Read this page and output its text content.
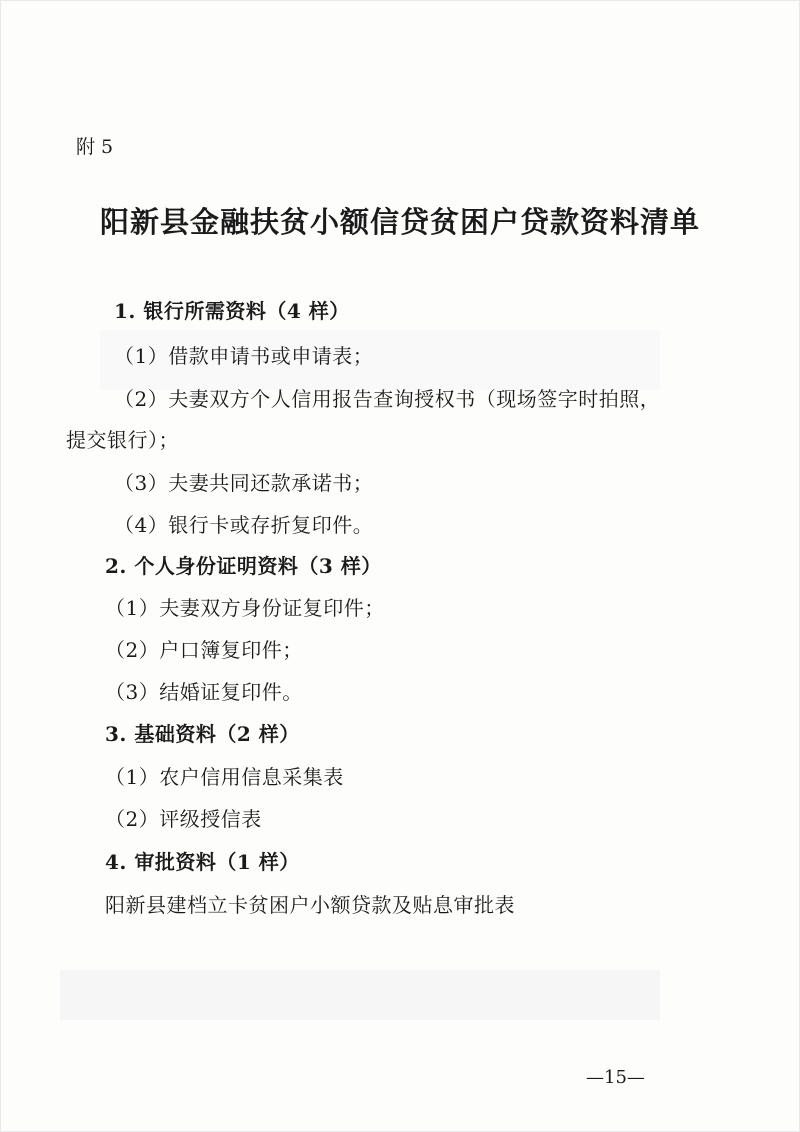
附 5
阳新县金融扶贫小额信贷贫困户贷款资料清单
1. 银行所需资料（4 样）
（1）借款申请书或申请表；
（2）夫妻双方个人信用报告查询授权书（现场签字时拍照，
提交银行）；
（3）夫妻共同还款承诺书；
（4）银行卡或存折复印件。
2. 个人身份证明资料（3 样）
（1）夫妻双方身份证复印件；
（2）户口簿复印件；
（3）结婚证复印件。
3. 基础资料（2 样）
（1）农户信用信息采集表
（2）评级授信表
4. 审批资料（1 样）
阳新县建档立卡贫困户小额贷款及贴息审批表
—15—
